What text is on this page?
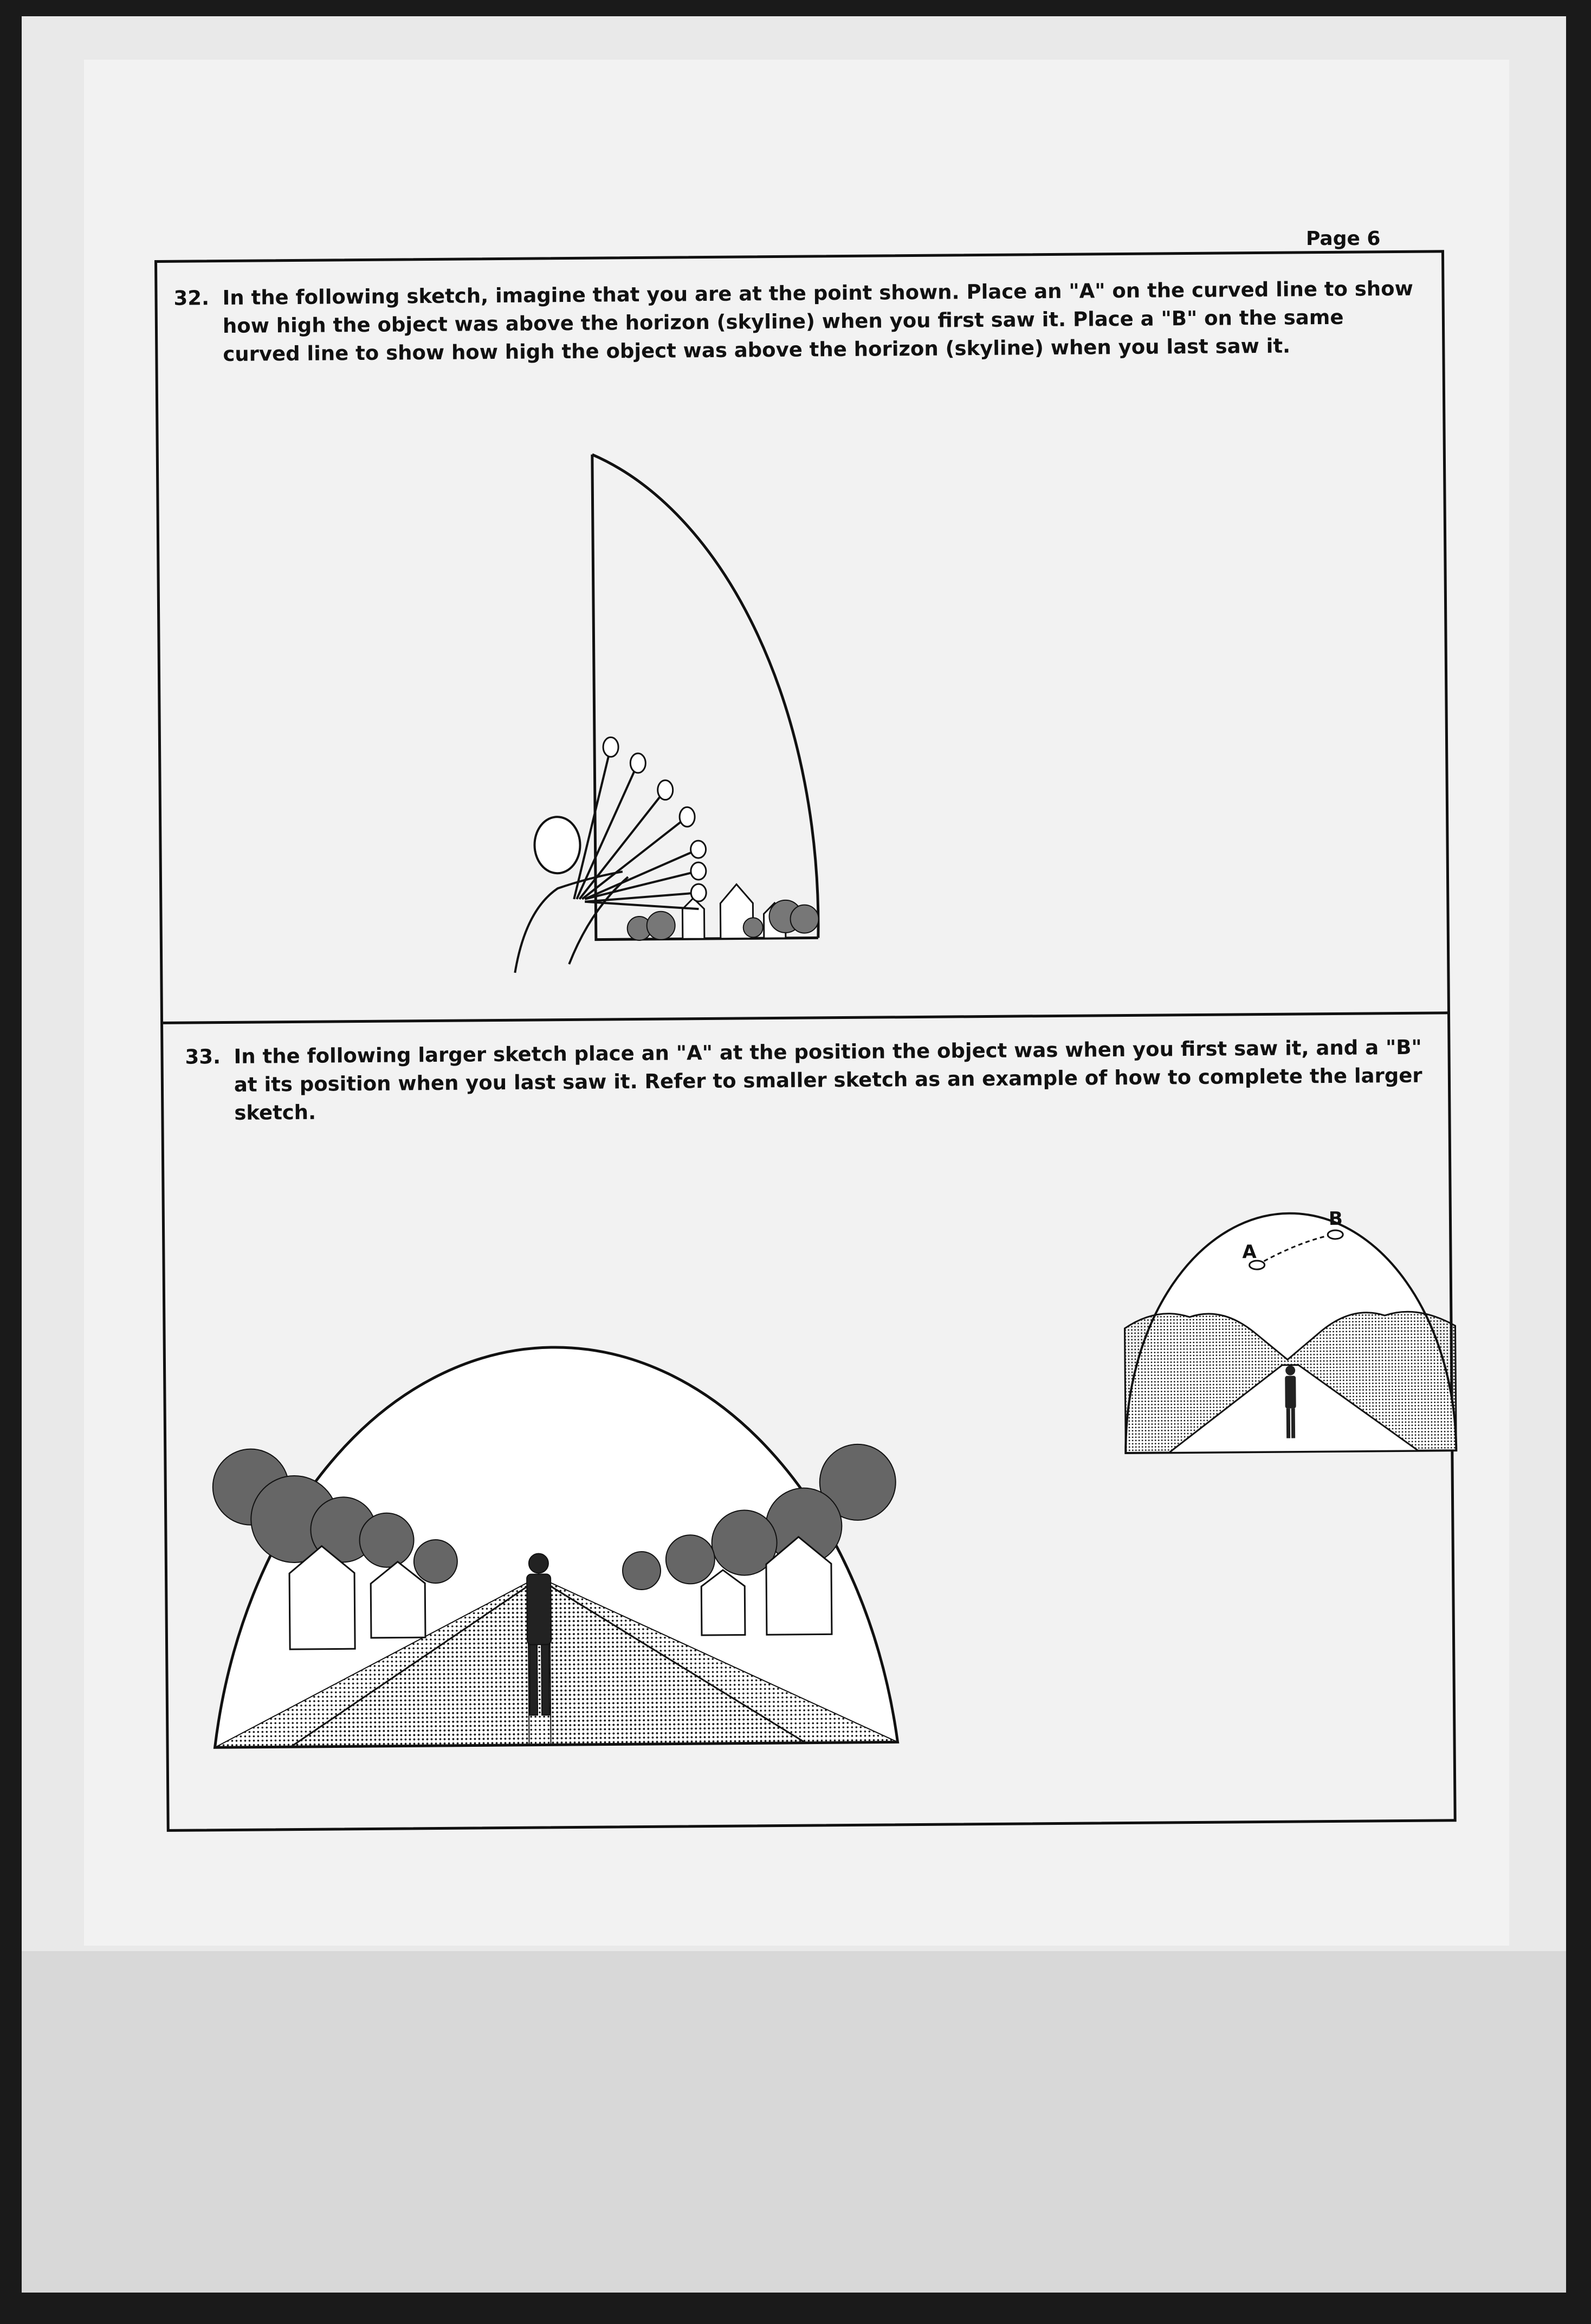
Page 6
32. In the following sketch, imagine that you are at the point shown. Place an "A" on the curved line to show how high the object was above the horizon (skyline) when you first saw it. Place a "B" on the same curved line to show how high the object was above the horizon (skyline) when you last saw it.
33. In the following larger sketch place an "A" at the position the object was when you first saw it, and a "B" at its position when you last saw it. Refer to smaller sketch as an example of how to complete the larger sketch.
A
B
